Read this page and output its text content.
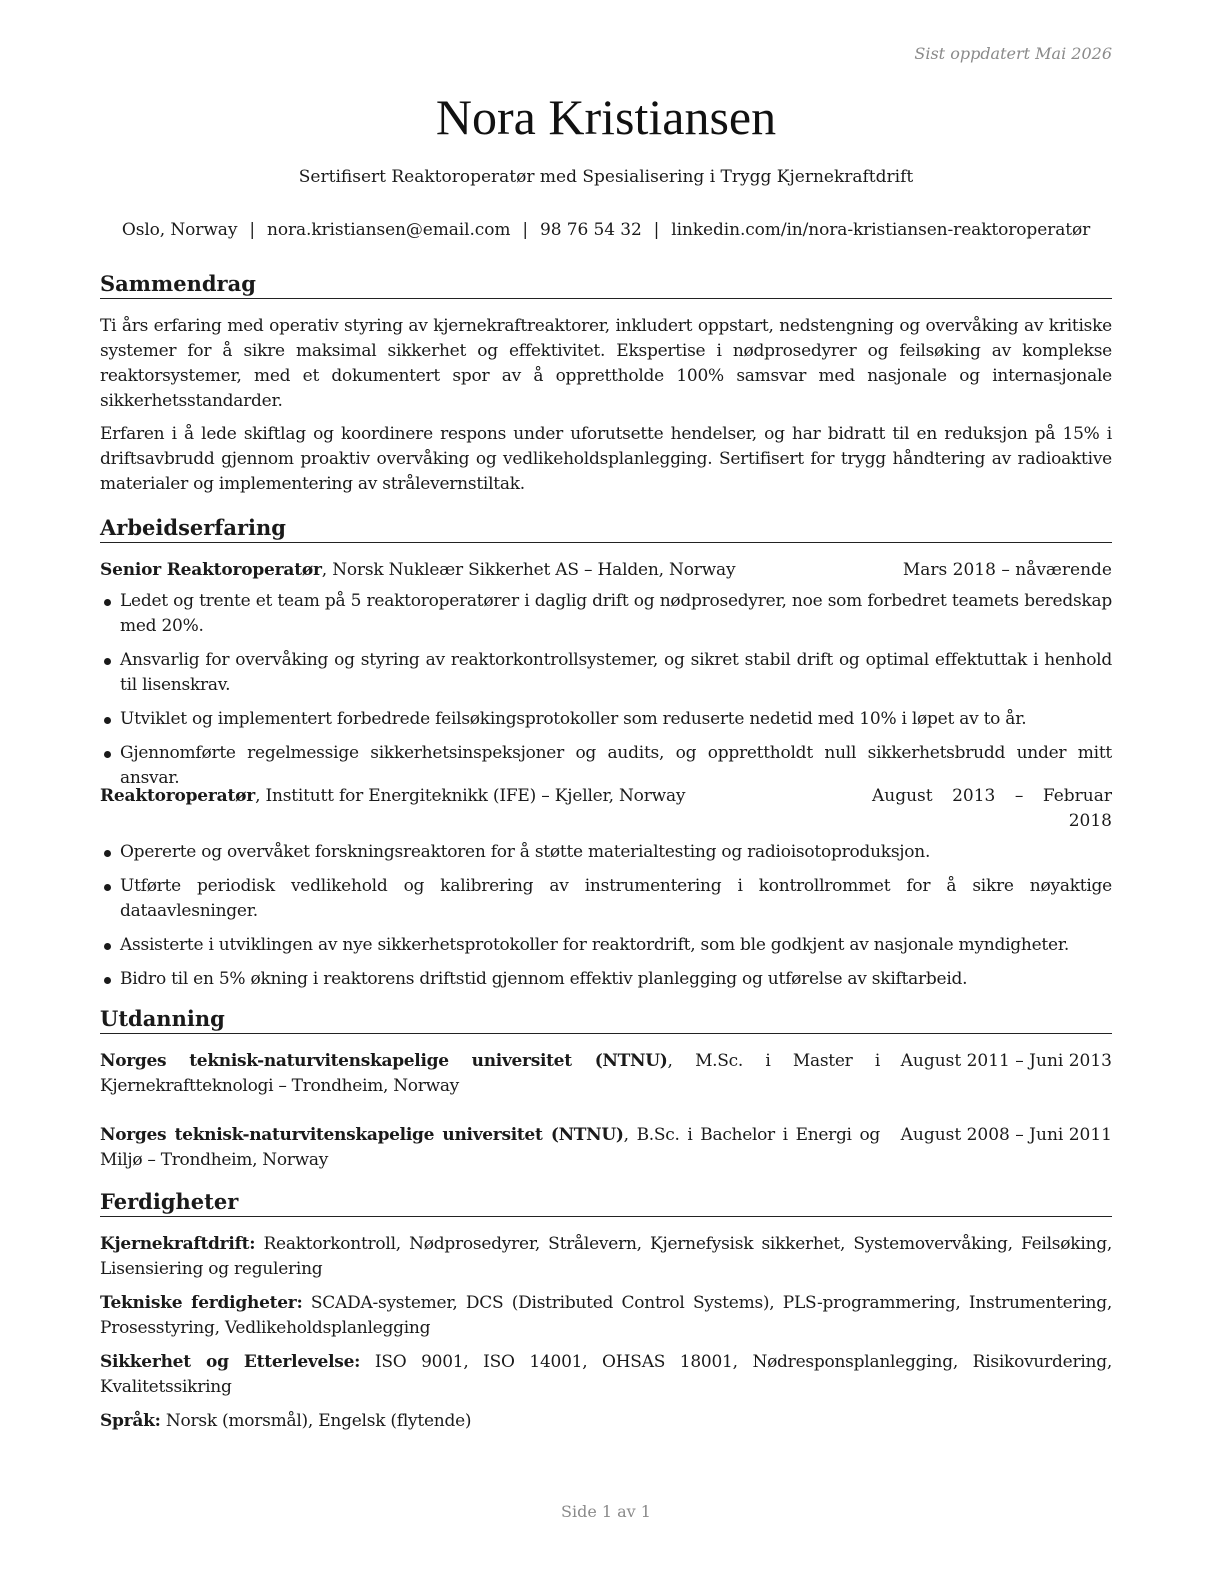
Sist oppdatert Mai 2026
Nora Kristiansen
Sertifisert Reaktoroperatør med Spesialisering i Trygg Kjernekraftdrift
Oslo, Norway | nora.kristiansen@email.com | 98 76 54 32 | linkedin.com/in/nora-kristiansen-reaktoroperatør
Sammendrag

Ti års erfaring med operativ styring av kjernekraftreaktorer, inkludert oppstart, nedstengning og overvåking av kritiske systemer for å sikre maksimal sikkerhet og effektivitet. Ekspertise i nødprosedyrer og feilsøking av komplekse reaktorsystemer, med et dokumentert spor av å opprettholde 100% samsvar med nasjonale og internasjonale sikkerhetsstandarder.

Erfaren i å lede skiftlag og koordinere respons under uforutsette hendelser, og har bidratt til en reduksjon på 15% i driftsavbrudd gjennom proaktiv overvåking og vedlikeholdsplanlegging. Sertifisert for trygg håndtering av radioaktive materialer og implementering av strålevernstiltak.

Arbeidserfaring
Senior Reaktoroperatør, Norsk Nukleær Sikkerhet AS – Halden, Norway	Mars 2018 – nåværende
Ledet og trente et team på 5 reaktoroperatører i daglig drift og nødprosedyrer, noe som forbedret teamets beredskap med 20%.
Ansvarlig for overvåking og styring av reaktorkontrollsystemer, og sikret stabil drift og optimal effektuttak i henhold til lisenskrav.
Utviklet og implementert forbedrede feilsøkingsprotokoller som reduserte nedetid med 10% i løpet av to år.
Gjennomførte regelmessige sikkerhetsinspeksjoner og audits, og opprettholdt null sikkerhetsbrudd under mitt ansvar.
Reaktoroperatør, Institutt for Energiteknikk (IFE) – Kjeller, Norway	August 2013 – Februar 2018
Opererte og overvåket forskningsreaktoren for å støtte materialtesting og radioisotoproduksjon.
Utførte periodisk vedlikehold og kalibrering av instrumentering i kontrollrommet for å sikre nøyaktige dataavlesninger.
Assisterte i utviklingen av nye sikkerhetsprotokoller for reaktordrift, som ble godkjent av nasjonale myndigheter.
Bidro til en 5% økning i reaktorens driftstid gjennom effektiv planlegging og utførelse av skiftarbeid.
Utdanning
Norges teknisk-naturvitenskapelige universitet (NTNU), M.Sc. i Master i Kjernekraftteknologi – Trondheim, Norway
August 2011 – Juni 2013
Norges teknisk-naturvitenskapelige universitet (NTNU), B.Sc. i Bachelor i Energi og Miljø – Trondheim, Norway
August 2008 – Juni 2011
Ferdigheter

Kjernekraftdrift: Reaktorkontroll, Nødprosedyrer, Strålevern, Kjernefysisk sikkerhet, Systemovervåking, Feilsøking, Lisensiering og regulering

Tekniske ferdigheter: SCADA-systemer, DCS (Distributed Control Systems), PLS-programmering, Instrumentering, Prosesstyring, Vedlikeholdsplanlegging

Sikkerhet og Etterlevelse: ISO 9001, ISO 14001, OHSAS 18001, Nødresponsplanlegging, Risikovurdering, Kvalitetssikring

Språk: Norsk (morsmål), Engelsk (flytende)

Side 1 av 1
